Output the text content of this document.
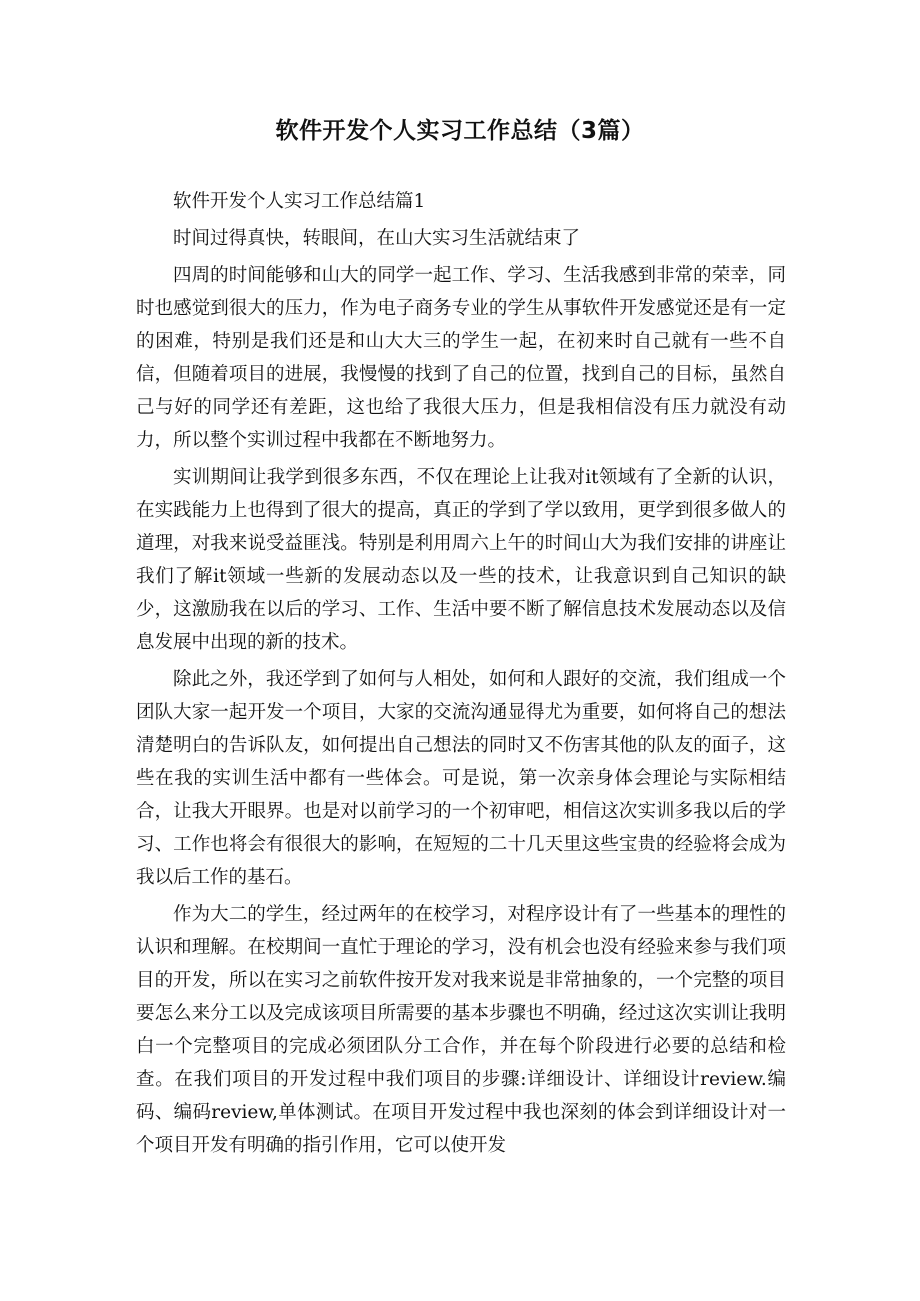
软件开发个人实习工作总结（3篇）

软件开发个人实习工作总结篇1

时间过得真快，转眼间，在山大实习生活就结束了

四周的时间能够和山大的同学一起工作、学习、生活我感到非常的荣幸，同时也感觉到很大的压力，作为电子商务专业的学生从事软件开发感觉还是有一定的困难，特别是我们还是和山大大三的学生一起，在初来时自己就有一些不自信，但随着项目的进展，我慢慢的找到了自己的位置，找到自己的目标，虽然自己与好的同学还有差距，这也给了我很大压力，但是我相信没有压力就没有动力，所以整个实训过程中我都在不断地努力。

实训期间让我学到很多东西，不仅在理论上让我对it领域有了全新的认识，在实践能力上也得到了很大的提高，真正的学到了学以致用，更学到很多做人的道理，对我来说受益匪浅。特别是利用周六上午的时间山大为我们安排的讲座让我们了解it领域一些新的发展动态以及一些的技术，让我意识到自己知识的缺少，这激励我在以后的学习、工作、生活中要不断了解信息技术发展动态以及信息发展中出现的新的技术。

除此之外，我还学到了如何与人相处，如何和人跟好的交流，我们组成一个团队大家一起开发一个项目，大家的交流沟通显得尤为重要，如何将自己的想法清楚明白的告诉队友，如何提出自己想法的同时又不伤害其他的队友的面子，这些在我的实训生活中都有一些体会。可是说，第一次亲身体会理论与实际相结合，让我大开眼界。也是对以前学习的一个初审吧，相信这次实训多我以后的学习、工作也将会有很很大的影响，在短短的二十几天里这些宝贵的经验将会成为我以后工作的基石。

作为大二的学生，经过两年的在校学习，对程序设计有了一些基本的理性的认识和理解。在校期间一直忙于理论的学习，没有机会也没有经验来参与我们项目的开发，所以在实习之前软件按开发对我来说是非常抽象的，一个完整的项目要怎么来分工以及完成该项目所需要的基本步骤也不明确，经过这次实训让我明白一个完整项目的完成必须团队分工合作，并在每个阶段进行必要的总结和检查。在我们项目的开发过程中我们项目的步骤:详细设计、详细设计review.编码、编码review,单体测试。在项目开发过程中我也深刻的体会到详细设计对一个项目开发有明确的指引作用，它可以使开发
